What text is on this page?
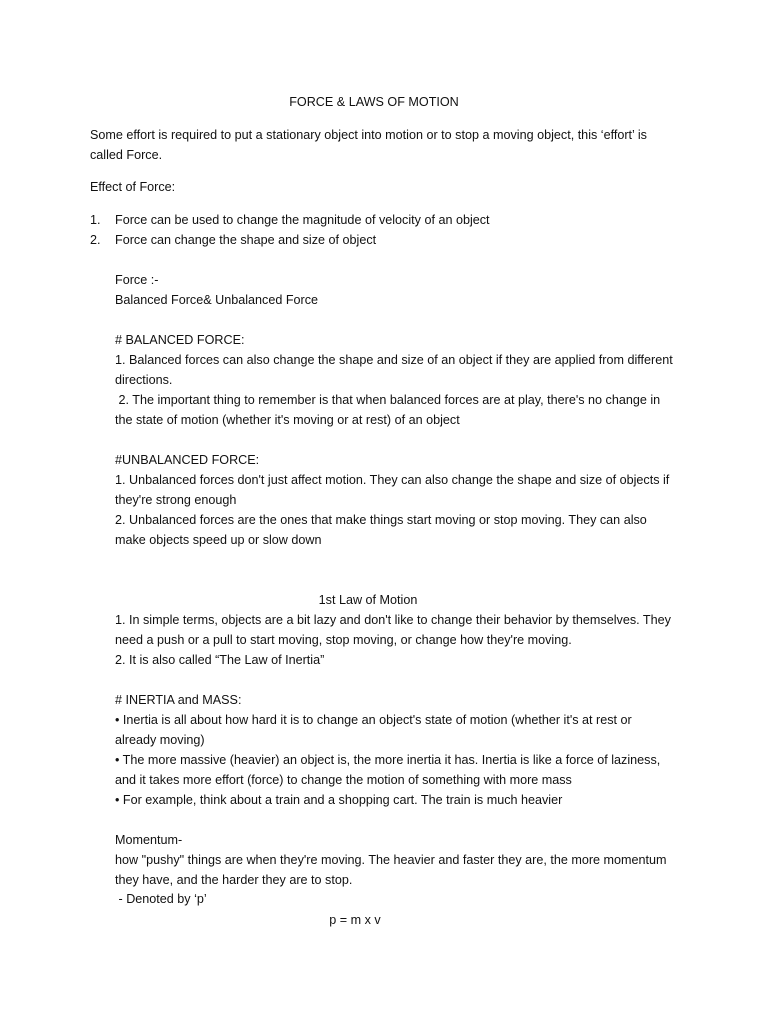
FORCE & LAWS OF MOTION
Some effort is required to put a stationary object into motion or to stop a moving object, this ‘effort’ is
called Force.
Effect of Force:
1. Force can be used to change the magnitude of velocity of an object
2. Force can change the shape and size of object
Force :-
Balanced Force& Unbalanced Force
# BALANCED FORCE:
1. Balanced forces can also change the shape and size of an object if they are applied from different
directions.
2. The important thing to remember is that when balanced forces are at play, there's no change in
the state of motion (whether it's moving or at rest) of an object
#UNBALANCED FORCE:
1. Unbalanced forces don't just affect motion. They can also change the shape and size of objects if
they're strong enough
2. Unbalanced forces are the ones that make things start moving or stop moving. They can also
make objects speed up or slow down
1st Law of Motion
1. In simple terms, objects are a bit lazy and don't like to change their behavior by themselves. They
need a push or a pull to start moving, stop moving, or change how they're moving.
2. It is also called “The Law of Inertia”
# INERTIA and MASS:
• Inertia is all about how hard it is to change an object's state of motion (whether it's at rest or
already moving)
• The more massive (heavier) an object is, the more inertia it has. Inertia is like a force of laziness,
and it takes more effort (force) to change the motion of something with more mass
• For example, think about a train and a shopping cart. The train is much heavier
Momentum-
how "pushy" things are when they're moving. The heavier and faster they are, the more momentum
they have, and the harder they are to stop.
- Denoted by ‘p’
p = m x v
